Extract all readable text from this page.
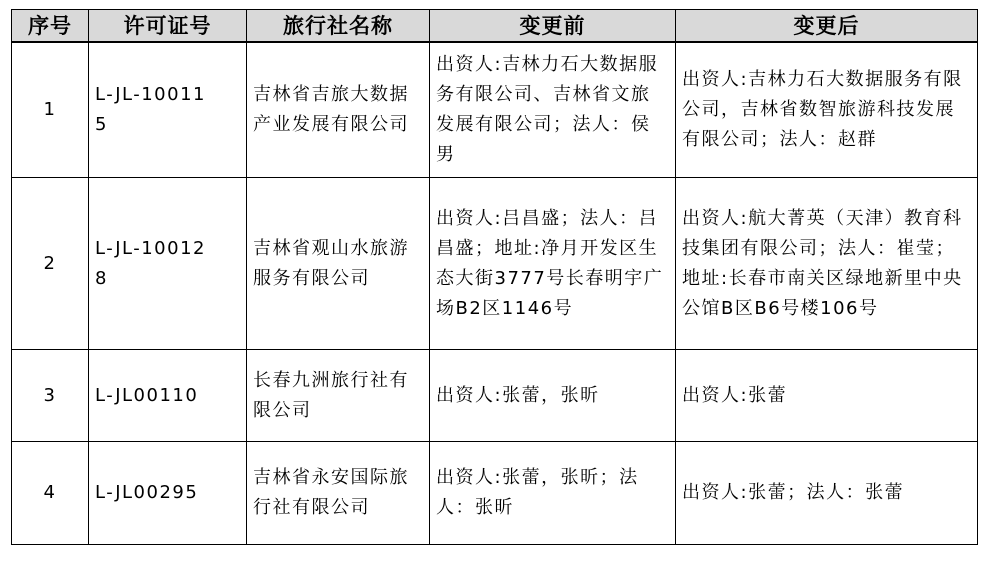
序号	许可证号	旅行社名称	变更前	变更后
1	L-JL-100115	吉林省吉旅大数据产业发展有限公司	出资人:吉林力石大数据服务有限公司、吉林省文旅发展有限公司；法人：侯男	出资人:吉林力石大数据服务有限公司，吉林省数智旅游科技发展有限公司；法人：赵群
2	L-JL-100128	吉林省观山水旅游服务有限公司	出资人:吕昌盛；法人：吕昌盛；地址:净月开发区生态大街3777号长春明宇广场B2区1146号	出资人:航大菁英（天津）教育科技集团有限公司；法人：崔莹；地址:长春市南关区绿地新里中央公馆B区B6号楼106号
3	L-JL00110	长春九洲旅行社有限公司	出资人:张蕾，张昕	出资人:张蕾
4	L-JL00295	吉林省永安国际旅行社有限公司	出资人:张蕾，张昕；法人：张昕	出资人:张蕾；法人：张蕾
